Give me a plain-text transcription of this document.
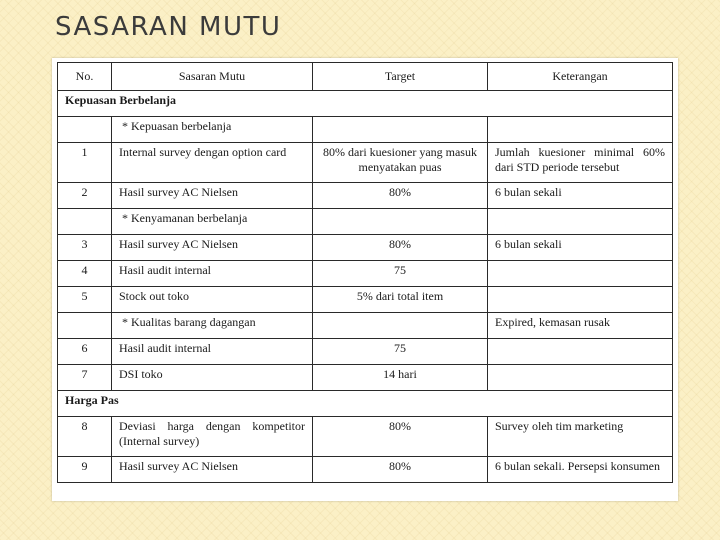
SASARAN MUTU
No.	Sasaran Mutu	Target	Keterangan
Kepuasan Berbelanja			
	* Kepuasan berbelanja		
1	Internal survey dengan option card	80% dari kuesioner yang masuk menyatakan puas	Jumlah kuesioner minimal 60% dari STD periode tersebut
2	Hasil survey AC Nielsen	80%	6 bulan sekali
	* Kenyamanan berbelanja		
3	Hasil survey AC Nielsen	80%	6 bulan sekali
4	Hasil audit internal	75	
5	Stock out toko	5% dari total item	
	* Kualitas barang dagangan		Expired, kemasan rusak
6	Hasil audit internal	75	
7	DSI toko	14 hari	
Harga Pas			
8	Deviasi harga dengan kompetitor (Internal survey)	80%	Survey oleh tim marketing
9	Hasil survey AC Nielsen	80%	6 bulan sekali. Persepsi konsumen
